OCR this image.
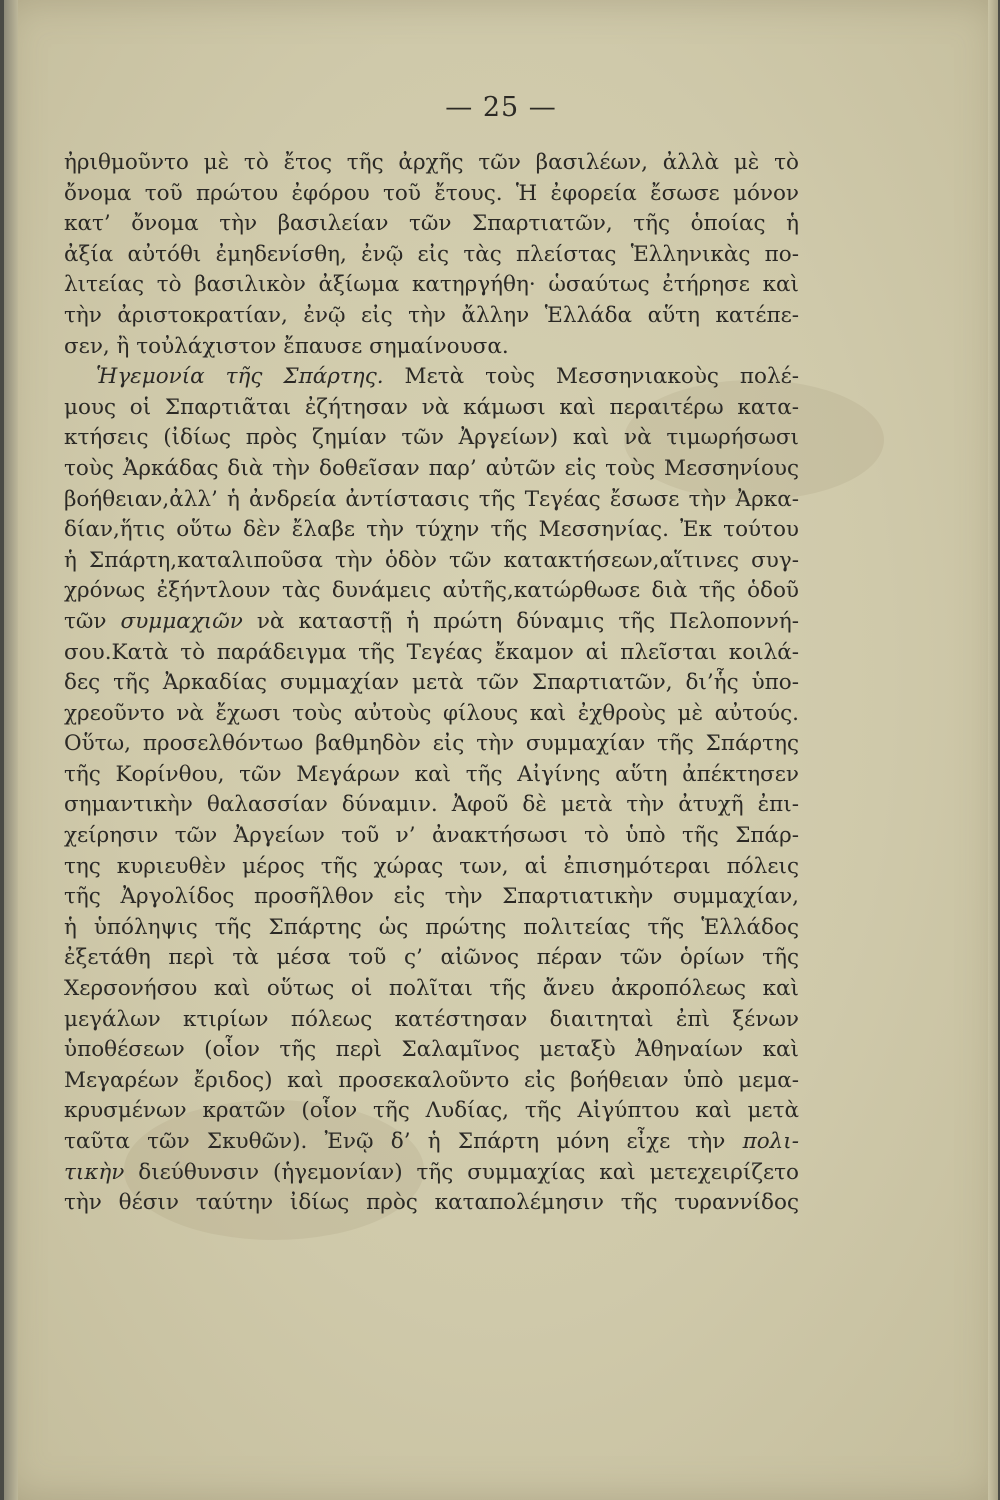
— 25 —
ἠριθμοῦντο μὲ τὸ ἔτος τῆς ἀρχῆς τῶν βασιλέων, ἀλλὰ μὲ τὸ
ὄνομα τοῦ πρώτου ἐφόρου τοῦ ἔτους. Ἡ ἐφορεία ἔσωσε μόνον
κατ’ ὄνομα τὴν βασιλείαν τῶν Σπαρτιατῶν, τῆς ὁποίας ἡ
ἀξία αὐτόθι ἐμηδενίσθη, ἐνῷ εἰς τὰς πλείστας Ἑλληνικὰς πο-
λιτείας τὸ βασιλικὸν ἀξίωμα κατηργήθη· ὡσαύτως ἐτήρησε καὶ
τὴν ἀριστοκρατίαν, ἐνῷ εἰς τὴν ἄλλην Ἑλλάδα αὕτη κατέπε-
σεν, ἢ τοὐλάχιστον ἔπαυσε σημαίνουσα.
Ἡγεμονία τῆς Σπάρτης. Μετὰ τοὺς Μεσσηνιακοὺς πολέ-
μους οἱ Σπαρτιᾶται ἐζήτησαν νὰ κάμωσι καὶ περαιτέρω κατα-
κτήσεις (ἰδίως πρὸς ζημίαν τῶν Ἀργείων) καὶ νὰ τιμωρήσωσι
τοὺς Ἀρκάδας διὰ τὴν δοθεῖσαν παρ’ αὐτῶν εἰς τοὺς Μεσσηνίους
βοήθειαν,ἀλλ’ ἡ ἀνδρεία ἀντίστασις τῆς Τεγέας ἔσωσε τὴν Ἀρκα-
δίαν,ἥτις οὕτω δὲν ἔλαβε τὴν τύχην τῆς Μεσσηνίας. Ἐκ τούτου
ἡ Σπάρτη,καταλιποῦσα τὴν ὁδὸν τῶν κατακτήσεων,αἵτινες συγ-
χρόνως ἐξήντλουν τὰς δυνάμεις αὐτῆς,κατώρθωσε διὰ τῆς ὁδοῦ
τῶν συμμαχιῶν νὰ καταστῇ ἡ πρώτη δύναμις τῆς Πελοποννή-
σου.Κατὰ τὸ παράδειγμα τῆς Τεγέας ἔκαμον αἱ πλεῖσται κοιλά-
δες τῆς Ἀρκαδίας συμμαχίαν μετὰ τῶν Σπαρτιατῶν, δι’ἧς ὑπο-
χρεοῦντο νὰ ἔχωσι τοὺς αὐτοὺς φίλους καὶ ἐχθροὺς μὲ αὐτούς.
Οὕτω, προσελθόντωο βαθμηδὸν εἰς τὴν συμμαχίαν τῆς Σπάρτης
τῆς Κορίνθου, τῶν Μεγάρων καὶ τῆς Αἰγίνης αὕτη ἀπέκτησεν
σημαντικὴν θαλασσίαν δύναμιν. Ἀφοῦ δὲ μετὰ τὴν ἀτυχῆ ἐπι-
χείρησιν τῶν Ἀργείων τοῦ ν’ ἀνακτήσωσι τὸ ὑπὸ τῆς Σπάρ-
της κυριευθὲν μέρος τῆς χώρας των, αἱ ἐπισημότεραι πόλεις
τῆς Ἀργολίδος προσῆλθον εἰς τὴν Σπαρτιατικὴν συμμαχίαν,
ἡ ὑπόληψις τῆς Σπάρτης ὡς πρώτης πολιτείας τῆς Ἑλλάδος
ἐξετάθη περὶ τὰ μέσα τοῦ ς’ αἰῶνος πέραν τῶν ὁρίων τῆς
Χερσονήσου καὶ οὕτως οἱ πολῖται τῆς ἄνευ ἀκροπόλεως καὶ
μεγάλων κτιρίων πόλεως κατέστησαν διαιτηταὶ ἐπὶ ξένων
ὑποθέσεων (οἷον τῆς περὶ Σαλαμῖνος μεταξὺ Ἀθηναίων καὶ
Μεγαρέων ἔριδος) καὶ προσεκαλοῦντο εἰς βοήθειαν ὑπὸ μεμα-
κρυσμένων κρατῶν (οἷον τῆς Λυδίας, τῆς Αἰγύπτου καὶ μετὰ
ταῦτα τῶν Σκυθῶν). Ἐνῷ δ’ ἡ Σπάρτη μόνη εἶχε τὴν πολι-
τικὴν διεύθυνσιν (ἡγεμονίαν) τῆς συμμαχίας καὶ μετεχειρίζετο
τὴν θέσιν ταύτην ἰδίως πρὸς καταπολέμησιν τῆς τυραννίδος
